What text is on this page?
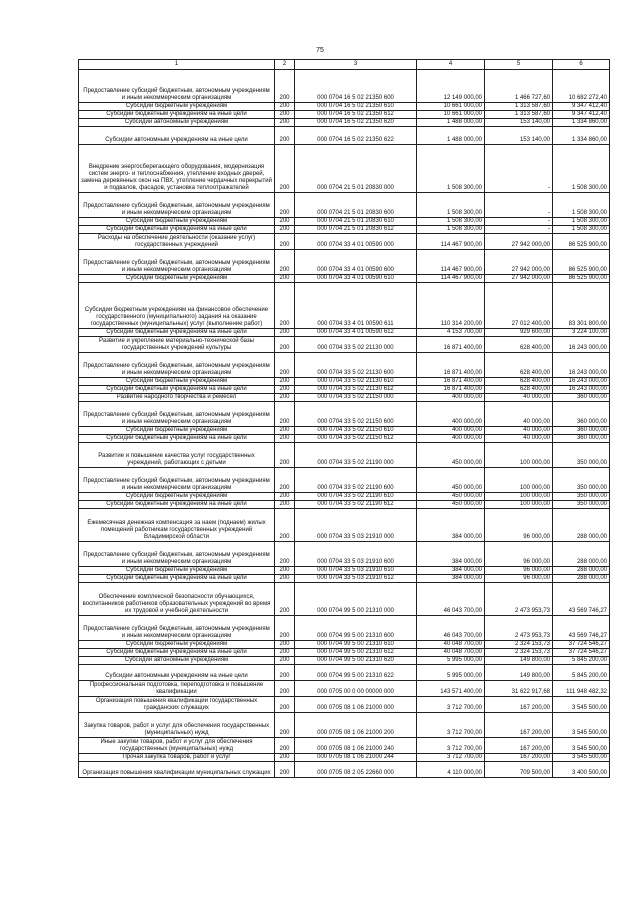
75
1	2	3	4	5	6
Предоставление субсидий бюджетным, автономным учреждениям и иным некоммерческим организациям	200	000 0704 16 5 02 21350 600	12 149 000,00	1 466 727,60	10 682 272,40
Субсидии бюджетным учреждениям	200	000 0704 16 5 02 21350 610	10 661 000,00	1 313 587,60	9 347 412,40
Субсидии бюджетным учреждениям на иные цели	200	000 0704 16 5 02 21350 612	10 661 000,00	1 313 587,60	9 347 412,40
Субсидии автономным учреждениям	200	000 0704 16 5 02 21350 620	1 488 000,00	153 140,00	1 334 860,00
Субсидии автономным учреждениям на иные цели	200	000 0704 16 5 02 21350 622	1 488 000,00	153 140,00	1 334 860,00
Внедрение энергосберегающего оборудования, модернизация систем энерго- и теплоснабжения, утепление входных дверей, замена деревянных окон на ПВХ, утепление чердачных перекрытий и подвалов, фасадов, установка теплоотражателей	200	000 0704 21 5 01 20830 000	1 508 300,00	-	1 508 300,00
Предоставление субсидий бюджетным, автономным учреждениям и иным некоммерческим организациям	200	000 0704 21 5 01 20830 600	1 508 300,00	-	1 508 300,00
Субсидии бюджетным учреждениям	200	000 0704 21 5 01 20830 610	1 508 300,00	-	1 508 300,00
Субсидии бюджетным учреждениям на иные цели	200	000 0704 21 5 01 20830 612	1 508 300,00	-	1 508 300,00
Расходы на обеспечение деятельности (оказание услуг) государственных учреждений	200	000 0704 33 4 01 00590 000	114 467 900,00	27 942 000,00	86 525 900,00
Предоставление субсидий бюджетным, автономным учреждениям и иным некоммерческим организациям	200	000 0704 33 4 01 00590 600	114 467 900,00	27 942 000,00	86 525 900,00
Субсидии бюджетным учреждениям	200	000 0704 33 4 01 00590 610	114 467 900,00	27 942 000,00	86 525 900,00
Субсидии бюджетным учреждениям на финансовое обеспечение государственного (муниципального) задания на оказание государственных (муниципальных) услуг (выполнение работ)	200	000 0704 33 4 01 00590 611	110 314 200,00	27 012 400,00	83 301 800,00
Субсидии бюджетным учреждениям на иные цели	200	000 0704 33 4 01 00590 612	4 153 700,00	929 600,00	3 224 100,00
Развитие и укрепление материально-технической базы государственных учреждений культуры	200	000 0704 33 5 02 21130 000	16 871 400,00	628 400,00	16 243 000,00
Предоставление субсидий бюджетным, автономным учреждениям и иным некоммерческим организациям	200	000 0704 33 5 02 21130 600	16 871 400,00	628 400,00	16 243 000,00
Субсидии бюджетным учреждениям	200	000 0704 33 5 02 21130 610	16 871 400,00	628 400,00	16 243 000,00
Субсидии бюджетным учреждениям на иные цели	200	000 0704 33 5 02 21130 612	16 871 400,00	628 400,00	16 243 000,00
Развитие народного творчества и ремесел	200	000 0704 33 5 02 21150 000	400 000,00	40 000,00	360 000,00
Предоставление субсидий бюджетным, автономным учреждениям и иным некоммерческим организациям	200	000 0704 33 5 02 21150 600	400 000,00	40 000,00	360 000,00
Субсидии бюджетным учреждениям	200	000 0704 33 5 02 21150 610	400 000,00	40 000,00	360 000,00
Субсидии бюджетным учреждениям на иные цели	200	000 0704 33 5 02 21150 612	400 000,00	40 000,00	360 000,00
Развитие и повышение качества услуг государственных учреждений, работающих с детьми	200	000 0704 33 5 02 21190 000	450 000,00	100 000,00	350 000,00
Предоставление субсидий бюджетным, автономным учреждениям и иным некоммерческим организациям	200	000 0704 33 5 02 21190 600	450 000,00	100 000,00	350 000,00
Субсидии бюджетным учреждениям	200	000 0704 33 5 02 21190 610	450 000,00	100 000,00	350 000,00
Субсидии бюджетным учреждениям на иные цели	200	000 0704 33 5 02 21190 612	450 000,00	100 000,00	350 000,00
Ежемесячная денежная компенсация за наем (поднаем) жилых помещений работникам государственных учреждений Владимирской области	200	000 0704 33 5 03 21910 000	384 000,00	96 000,00	288 000,00
Предоставление субсидий бюджетным, автономным учреждениям и иным некоммерческим организациям	200	000 0704 33 5 03 21910 600	384 000,00	96 000,00	288 000,00
Субсидии бюджетным учреждениям	200	000 0704 33 5 03 21910 610	384 000,00	96 000,00	288 000,00
Субсидии бюджетным учреждениям на иные цели	200	000 0704 33 5 03 21910 612	384 000,00	96 000,00	288 000,00
Обеспечение комплексной безопасности обучающихся, воспитанников работников образовательных учреждений во время их трудовой и учебной деятельности	200	000 0704 99 5 00 21310 000	46 043 700,00	2 473 953,73	43 569 746,27
Предоставление субсидий бюджетным, автономным учреждениям и иным некоммерческим организациям	200	000 0704 99 5 00 21310 600	46 043 700,00	2 473 953,73	43 569 746,27
Субсидии бюджетным учреждениям	200	000 0704 99 5 00 21310 610	40 048 700,00	2 324 153,73	37 724 546,27
Субсидии бюджетным учреждениям на иные цели	200	000 0704 99 5 00 21310 612	40 048 700,00	2 324 153,73	37 724 546,27
Субсидии автономным учреждениям	200	000 0704 99 5 00 21310 620	5 995 000,00	149 800,00	5 845 200,00
Субсидии автономным учреждениям на иные цели	200	000 0704 99 5 00 21310 622	5 995 000,00	149 800,00	5 845 200,00
Профессиональная подготовка, переподготовка и повышение квалификации	200	000 0705 00 0 00 00000 000	143 571 400,00	31 622 917,68	111 948 482,32
Организация повышения квалификации государственных гражданских служащих	200	000 0705 08 1 06 21000 000	3 712 700,00	167 200,00	3 545 500,00
Закупка товаров, работ и услуг для обеспечения государственных (муниципальных) нужд	200	000 0705 08 1 06 21000 200	3 712 700,00	167 200,00	3 545 500,00
Иные закупки товаров, работ и услуг для обеспечения государственных (муниципальных) нужд	200	000 0705 08 1 06 21000 240	3 712 700,00	167 200,00	3 545 500,00
Прочая закупка товаров, работ и услуг	200	000 0705 08 1 06 21000 244	3 712 700,00	167 200,00	3 545 500,00
Организация повышения квалификации муниципальных служащих	200	000 0705 08 2 05 22660 000	4 110 000,00	709 500,00	3 400 500,00
